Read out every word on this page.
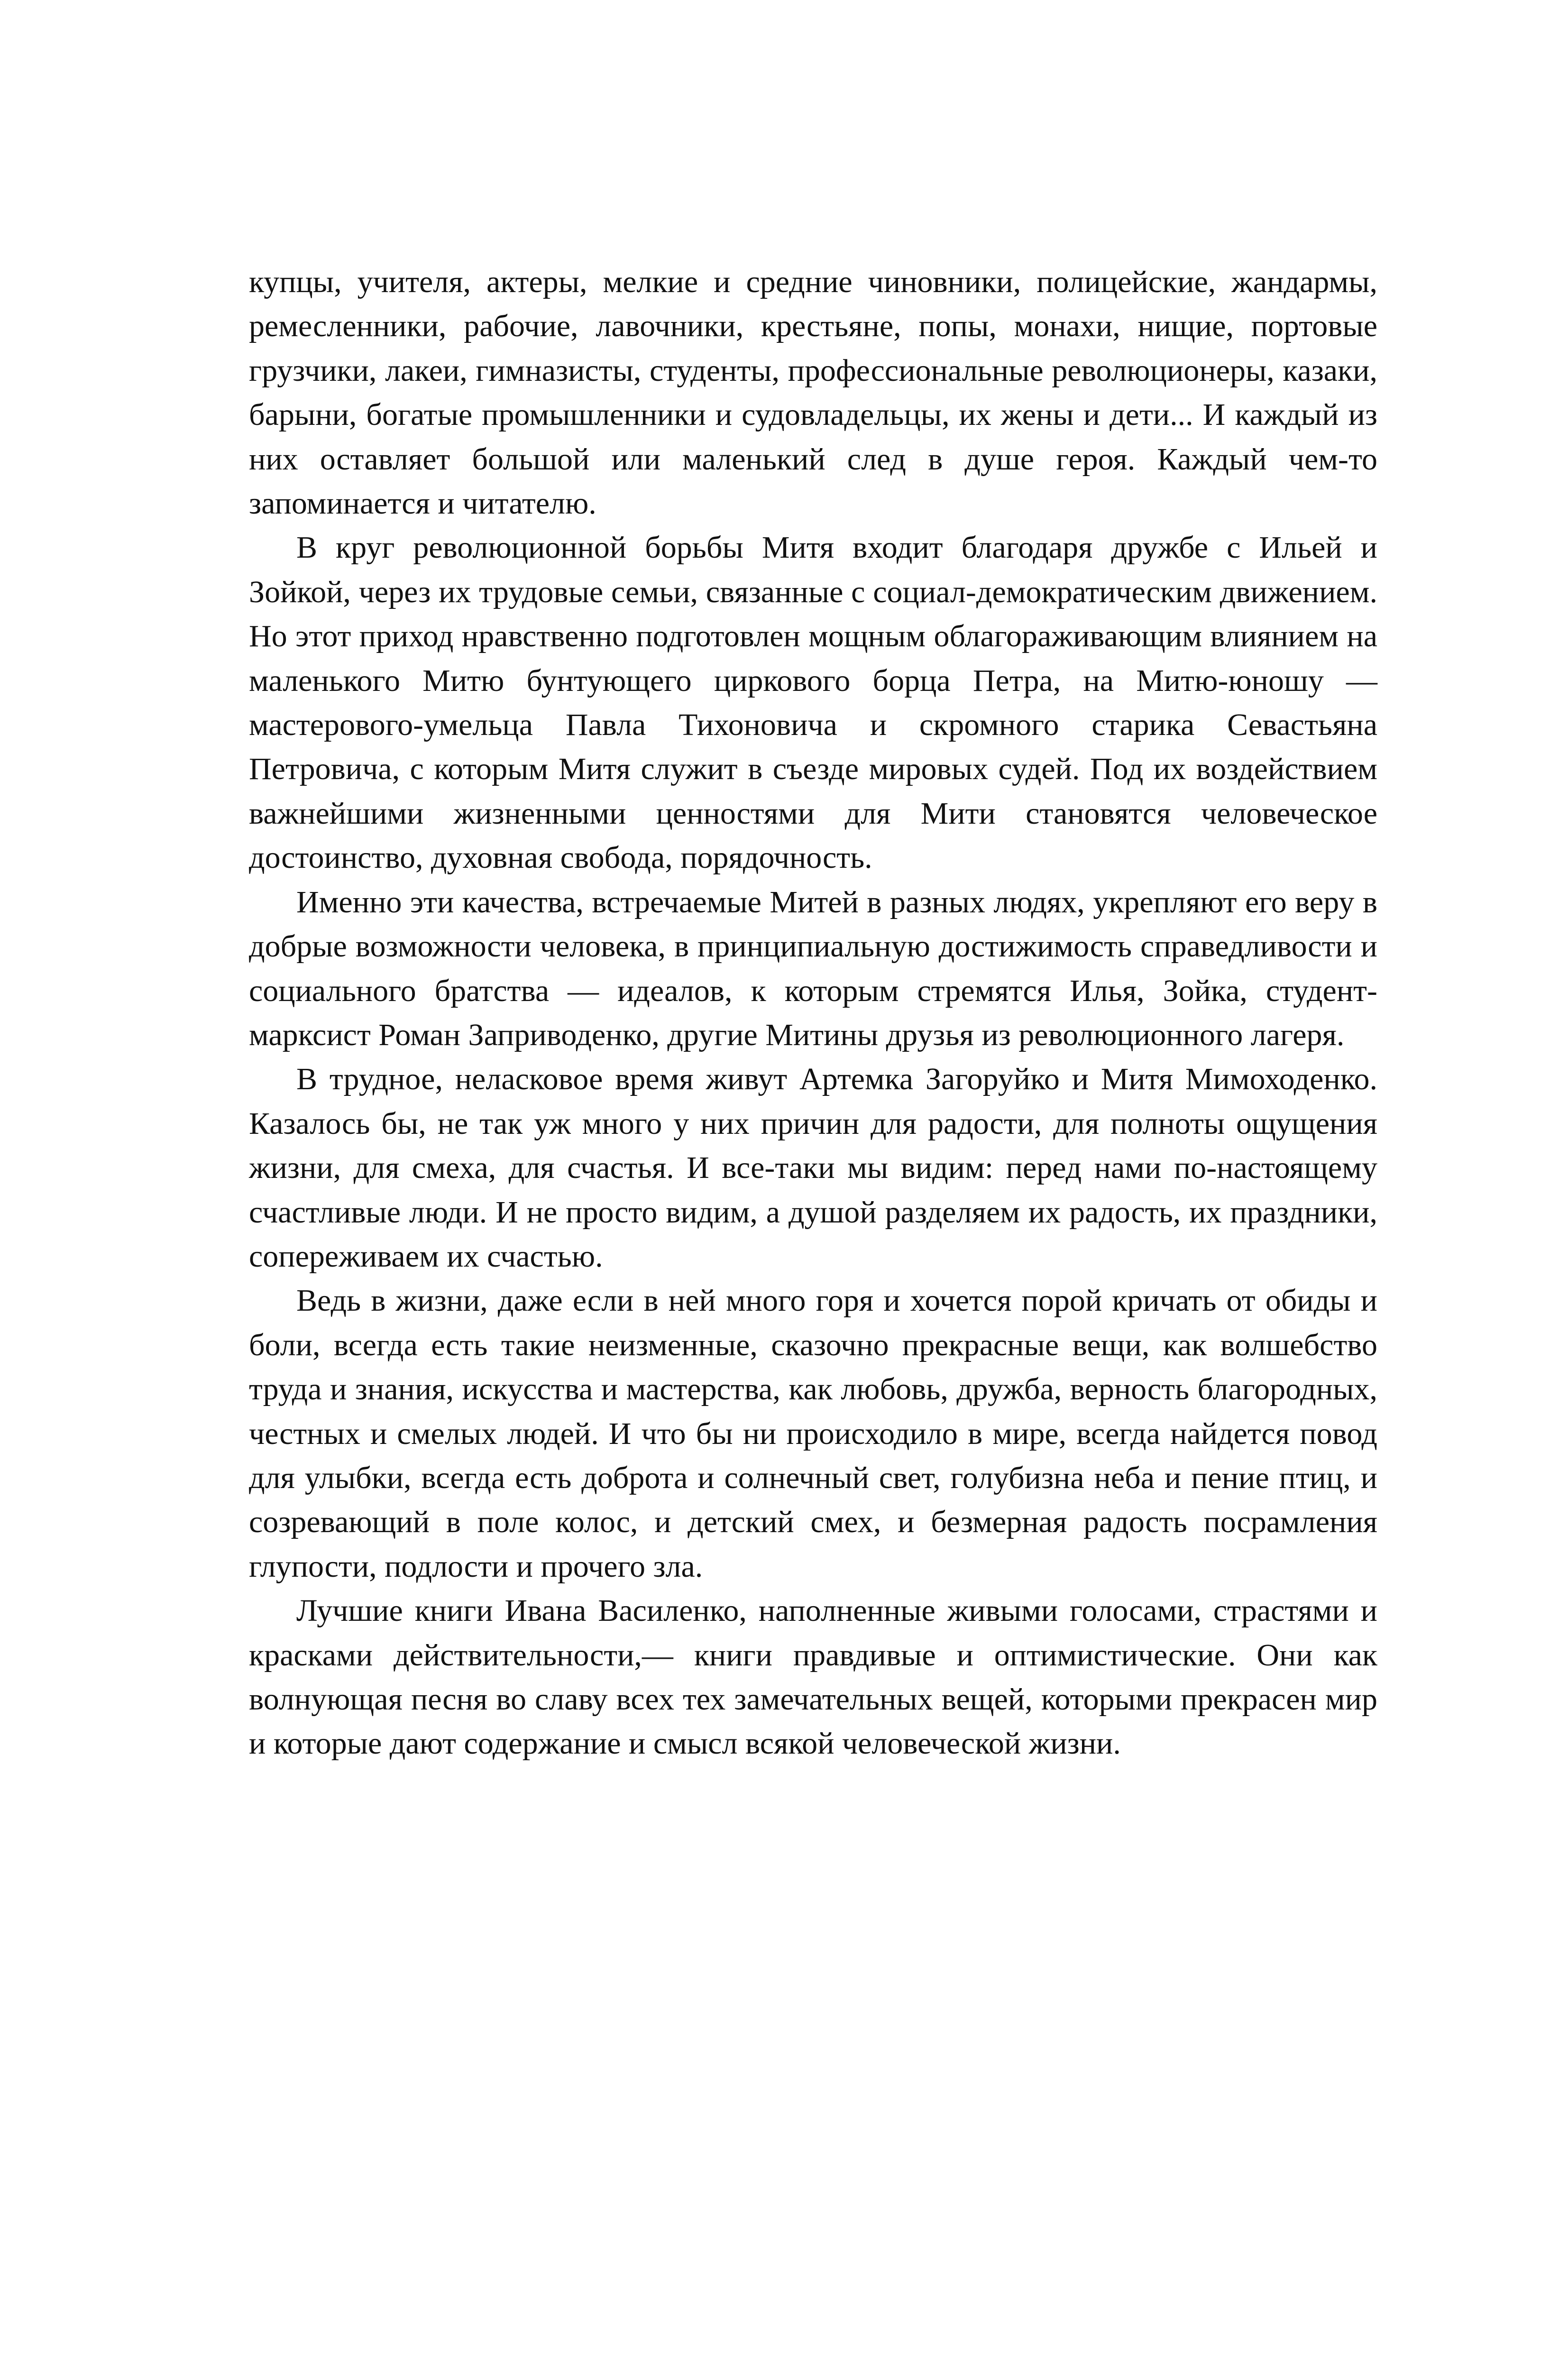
купцы, учителя, актеры, мелкие и средние чиновники, полицейские, жандармы, ремесленники, рабочие, лавочники, крестьяне, попы, монахи, нищие, портовые грузчики, лакеи, гимназисты, студенты, профессиональные революционеры, казаки, барыни, богатые промышленники и судовладельцы, их жены и дети... И каждый из них оставляет большой или маленький след в душе героя. Каждый чем-то запоминается и читателю.

В круг революционной борьбы Митя входит благодаря дружбе с Ильей и Зойкой, через их трудовые семьи, связанные с социал-демократическим движением. Но этот приход нравственно подготовлен мощным облагораживающим влиянием на маленького Митю бунтующего циркового борца Петра, на Митю-юношу — мастерового-умельца Павла Тихоновича и скромного старика Севастьяна Петровича, с которым Митя служит в съезде мировых судей. Под их воздействием важнейшими жизненными ценностями для Мити становятся человеческое достоинство, духовная свобода, порядочность.

Именно эти качества, встречаемые Митей в разных людях, укрепляют его веру в добрые возможности человека, в принципиальную достижимость справедливости и социального братства — идеалов, к которым стремятся Илья, Зойка, студент-марксист Роман Заприводенко, другие Митины друзья из революционного лагеря.

В трудное, неласковое время живут Артемка Загоруйко и Митя Мимоходенко. Казалось бы, не так уж много у них причин для радости, для полноты ощущения жизни, для смеха, для счастья. И все-таки мы видим: перед нами по-настоящему счастливые люди. И не просто видим, а душой разделяем их радость, их праздники, сопереживаем их счастью.

Ведь в жизни, даже если в ней много горя и хочется порой кричать от обиды и боли, всегда есть такие неизменные, сказочно прекрасные вещи, как волшебство труда и знания, искусства и мастерства, как любовь, дружба, верность благородных, честных и смелых людей. И что бы ни происходило в мире, всегда найдется повод для улыбки, всегда есть доброта и солнечный свет, голубизна неба и пение птиц, и созревающий в поле колос, и детский смех, и безмерная радость посрамления глупости, подлости и прочего зла.

Лучшие книги Ивана Василенко, наполненные живыми голосами, страстями и красками действительности,— книги правдивые и оптимистические. Они как волнующая песня во славу всех тех замечательных вещей, которыми прекрасен мир и которые дают содержание и смысл всякой человеческой жизни.
